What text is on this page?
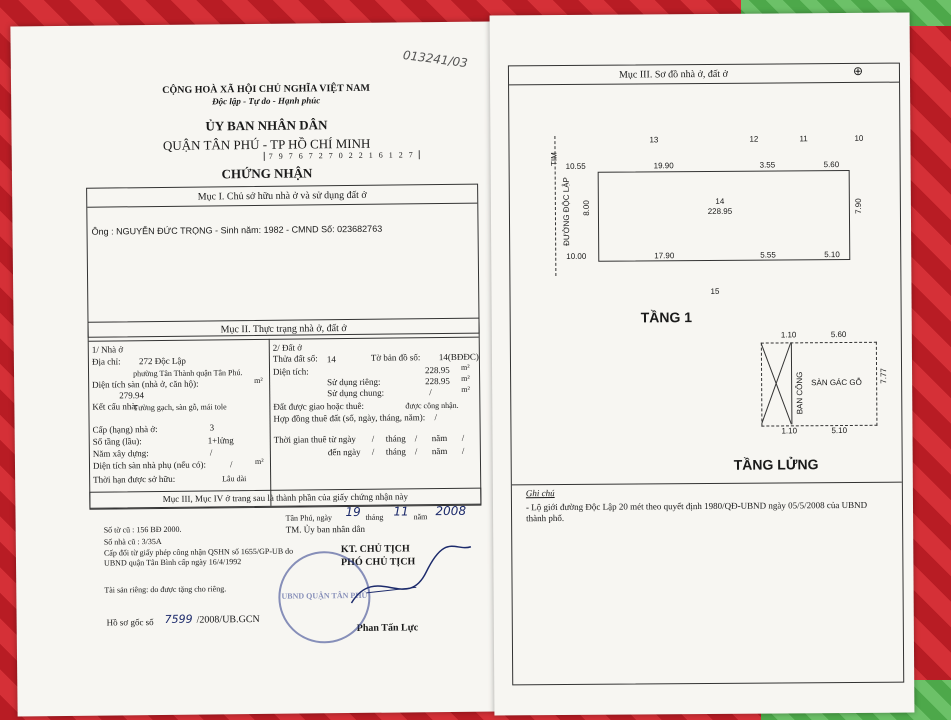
013241/03
CỘNG HOÀ XÃ HỘI CHỦ NGHĨA VIỆT NAM
Độc lập - Tự do - Hạnh phúc
ỦY BAN NHÂN DÂN
QUẬN TÂN PHÚ - TP HỒ CHÍ MINH
7 9 7 6 7 2 7 0 2 2 1 6 1 2 7
CHỨNG NHẬN
Mục I. Chủ sở hữu nhà ở và sử dụng đất ở
Ông : NGUYỄN ĐỨC TRỌNG - Sinh năm: 1982 - CMND Số: 023682763
Mục II. Thực trạng nhà ở, đất ở
1/ Nhà ở
Địa chỉ: 272 Độc Lập
phường Tân Thành quận Tân Phú.
Diện tích sàn (nhà ở, căn hộ):
279.94
m²
Kết cấu nhà:
Tường gạch, sàn gỗ, mái tole
Cấp (hạng) nhà ở:	3
Số tầng (lầu):	1+lửng
Năm xây dựng:	/
Diện tích sàn nhà phụ (nếu có):	/	m²
Thời hạn được sở hữu:	Lâu dài
2/ Đất ở
Thửa đất số: 14	Tờ bản đồ số: 14(BĐĐC)
Diện tích:	228.95 m²
Sử dụng riêng:	228.95 m²
Sử dụng chung:	/	m²
Đất được giao hoặc thuê:	được công nhận.
Hợp đồng thuê đất (số, ngày, tháng, năm): /
Thời gian thuê từ ngày / tháng / năm /
đến ngày / tháng / năm /
Mục III, Mục IV ở trang sau là thành phần của giấy chứng nhận này
Số tờ cũ : 156 BĐ 2000.
Số nhà cũ : 3/35A
Cấp đổi từ giấy phép công nhận QSHN số 1655/GP-UB do UBND quận Tân Bình cấp ngày 16/4/1992
Tài sản riêng: do được tặng cho riêng.
Hồ sơ gốc số 7599 /2008/UB.GCN
Tân Phú, ngày 19 tháng 11 năm 2008
TM. Ủy ban nhân dân
KT. CHỦ TỊCH
PHÓ CHỦ TỊCH
Phan Tấn Lực
UBND QUẬN TÂN PHÚ
Mục III. Sơ đồ nhà ở, đất ở	⊕
13	12	11	10
TIM
ĐƯỜNG ĐỘC LẬP
10.55	19.90	3.55	5.60
10.00	17.90	5.55	5.10
8.00	7.90
14
228.95
15
TẦNG 1
1.10	5.60
1.10	5.10
BAN CÔNG SÀN GÁC GỖ 7.77
TẦNG LỬNG
Ghi chú
- Lộ giới đường Độc Lập 20 mét theo quyết định 1980/QĐ-UBND ngày 05/5/2008 của UBND thành phố.
